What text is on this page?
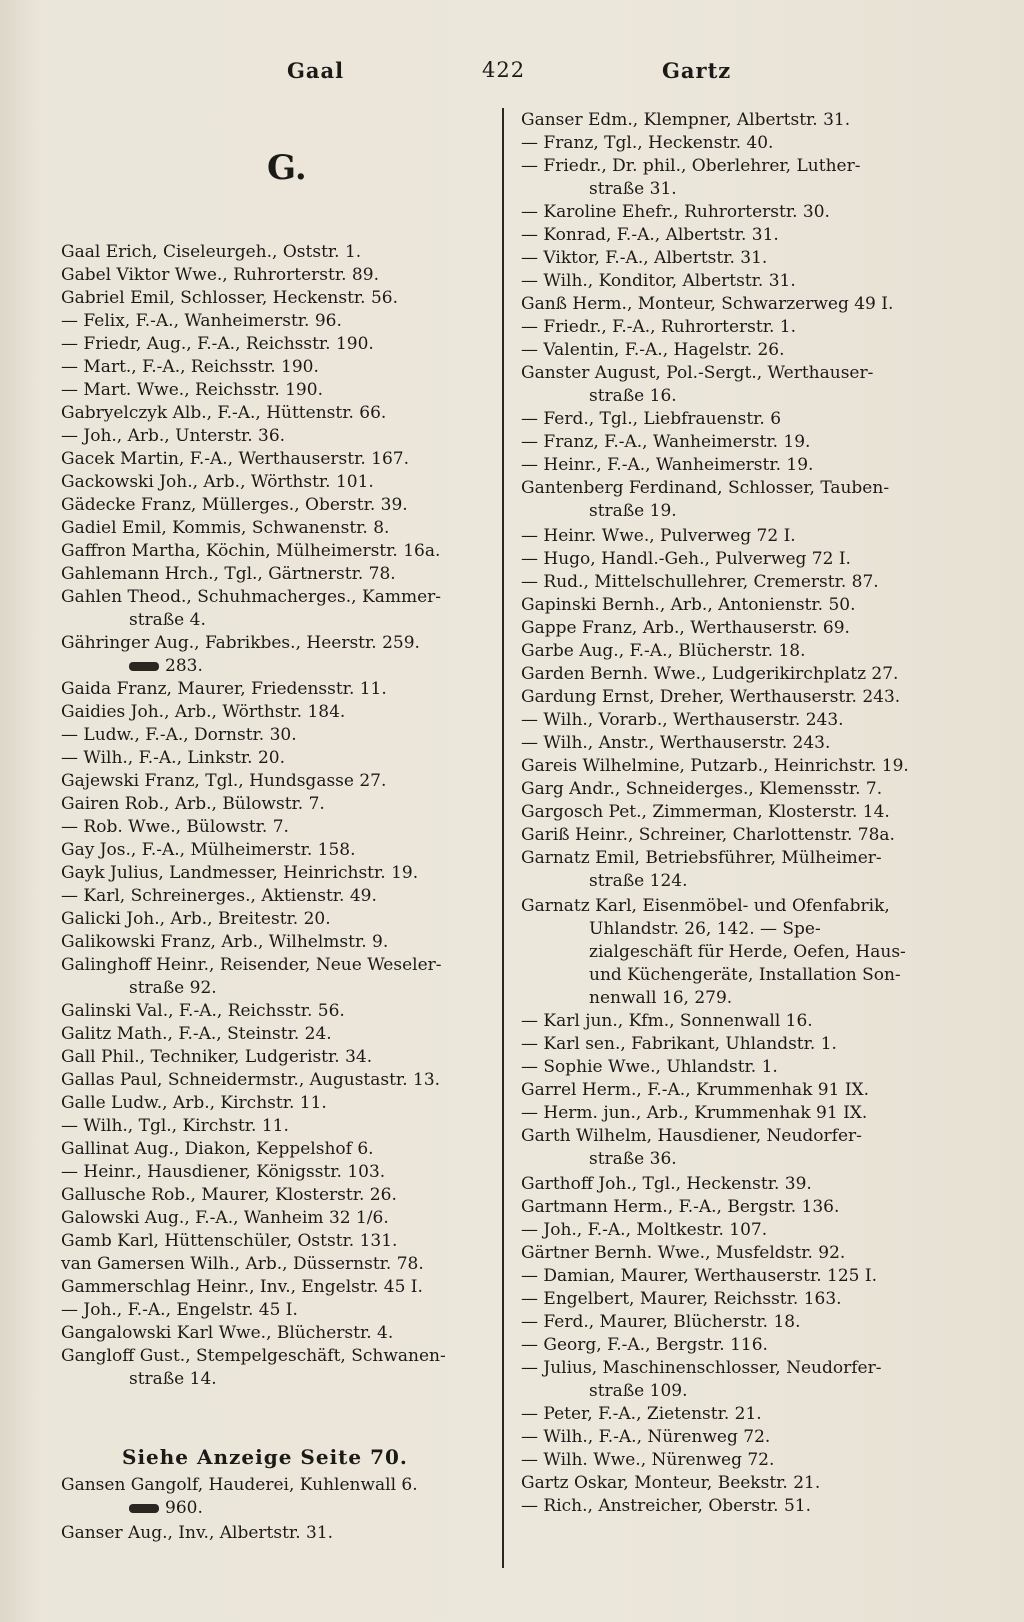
Gaal	422	Gartz
G.
Gaal Erich, Ciseleurgeh., Oststr. 1.
Gabel Viktor Wwe., Ruhrorterstr. 89.
Gabriel Emil, Schlosser, Heckenstr. 56.
— Felix, F.-A., Wanheimerstr. 96.
— Friedr, Aug., F.-A., Reichsstr. 190.
— Mart., F.-A., Reichsstr. 190.
— Mart. Wwe., Reichsstr. 190.
Gabryelczyk Alb., F.-A., Hüttenstr. 66.
— Joh., Arb., Unterstr. 36.
Gacek Martin, F.-A., Werthauserstr. 167.
Gackowski Joh., Arb., Wörthstr. 101.
Gädecke Franz, Müllerges., Oberstr. 39.
Gadiel Emil, Kommis, Schwanenstr. 8.
Gaffron Martha, Köchin, Mülheimerstr. 16a.
Gahlemann Hrch., Tgl., Gärtnerstr. 78.
Gahlen Theod., Schuhmacherges., Kammer-
straße 4.
Gähringer Aug., Fabrikbes., Heerstr. 259.
283.
Gaida Franz, Maurer, Friedensstr. 11.
Gaidies Joh., Arb., Wörthstr. 184.
— Ludw., F.-A., Dornstr. 30.
— Wilh., F.-A., Linkstr. 20.
Gajewski Franz, Tgl., Hundsgasse 27.
Gairen Rob., Arb., Bülowstr. 7.
— Rob. Wwe., Bülowstr. 7.
Gay Jos., F.-A., Mülheimerstr. 158.
Gayk Julius, Landmesser, Heinrichstr. 19.
— Karl, Schreinerges., Aktienstr. 49.
Galicki Joh., Arb., Breitestr. 20.
Galikowski Franz, Arb., Wilhelmstr. 9.
Galinghoff Heinr., Reisender, Neue Weseler-
straße 92.
Galinski Val., F.-A., Reichsstr. 56.
Galitz Math., F.-A., Steinstr. 24.
Gall Phil., Techniker, Ludgeristr. 34.
Gallas Paul, Schneidermstr., Augustastr. 13.
Galle Ludw., Arb., Kirchstr. 11.
— Wilh., Tgl., Kirchstr. 11.
Gallinat Aug., Diakon, Keppelshof 6.
— Heinr., Hausdiener, Königsstr. 103.
Gallusche Rob., Maurer, Klosterstr. 26.
Galowski Aug., F.-A., Wanheim 32 1/6.
Gamb Karl, Hüttenschüler, Oststr. 131.
van Gamersen Wilh., Arb., Düssernstr. 78.
Gammerschlag Heinr., Inv., Engelstr. 45 I.
— Joh., F.-A., Engelstr. 45 I.
Gangalowski Karl Wwe., Blücherstr. 4.
Gangloff Gust., Stempelgeschäft, Schwanen-
straße 14.
Gansen Gangolf, Hauderei, Kuhlenwall 6.
960.
Ganser Aug., Inv., Albertstr. 31.
Ganser Edm., Klempner, Albertstr. 31.
— Franz, Tgl., Heckenstr. 40.
— Friedr., Dr. phil., Oberlehrer, Luther-
straße 31.
— Karoline Ehefr., Ruhrorterstr. 30.
— Konrad, F.-A., Albertstr. 31.
— Viktor, F.-A., Albertstr. 31.
— Wilh., Konditor, Albertstr. 31.
Ganß Herm., Monteur, Schwarzerweg 49 I.
— Friedr., F.-A., Ruhrorterstr. 1.
— Valentin, F.-A., Hagelstr. 26.
Ganster August, Pol.-Sergt., Werthauser-
straße 16.
— Ferd., Tgl., Liebfrauenstr. 6
— Franz, F.-A., Wanheimerstr. 19.
— Heinr., F.-A., Wanheimerstr. 19.
Gantenberg Ferdinand, Schlosser, Tauben-
straße 19.
— Heinr. Wwe., Pulverweg 72 I.
— Hugo, Handl.-Geh., Pulverweg 72 I.
— Rud., Mittelschullehrer, Cremerstr. 87.
Gapinski Bernh., Arb., Antonienstr. 50.
Gappe Franz, Arb., Werthauserstr. 69.
Garbe Aug., F.-A., Blücherstr. 18.
Garden Bernh. Wwe., Ludgerikirchplatz 27.
Gardung Ernst, Dreher, Werthauserstr. 243.
— Wilh., Vorarb., Werthauserstr. 243.
— Wilh., Anstr., Werthauserstr. 243.
Gareis Wilhelmine, Putzarb., Heinrichstr. 19.
Garg Andr., Schneiderges., Klemensstr. 7.
Gargosch Pet., Zimmerman, Klosterstr. 14.
Gariß Heinr., Schreiner, Charlottenstr. 78a.
Garnatz Emil, Betriebsführer, Mülheimer-
straße 124.
Garnatz Karl, Eisenmöbel- und Ofenfabrik,
Uhlandstr. 26, 142. — Spe-
zialgeschäft für Herde, Oefen, Haus-
und Küchengeräte, Installation Son-
nenwall 16, 279.
— Karl jun., Kfm., Sonnenwall 16.
— Karl sen., Fabrikant, Uhlandstr. 1.
— Sophie Wwe., Uhlandstr. 1.
Garrel Herm., F.-A., Krummenhak 91 IX.
— Herm. jun., Arb., Krummenhak 91 IX.
Garth Wilhelm, Hausdiener, Neudorfer-
straße 36.
Garthoff Joh., Tgl., Heckenstr. 39.
Gartmann Herm., F.-A., Bergstr. 136.
— Joh., F.-A., Moltkestr. 107.
Gärtner Bernh. Wwe., Musfeldstr. 92.
— Damian, Maurer, Werthauserstr. 125 I.
— Engelbert, Maurer, Reichsstr. 163.
— Ferd., Maurer, Blücherstr. 18.
— Georg, F.-A., Bergstr. 116.
— Julius, Maschinenschlosser, Neudorfer-
straße 109.
— Peter, F.-A., Zietenstr. 21.
— Wilh., F.-A., Nürenweg 72.
— Wilh. Wwe., Nürenweg 72.
Gartz Oskar, Monteur, Beekstr. 21.
— Rich., Anstreicher, Oberstr. 51.
Siehe Anzeige Seite 70.
